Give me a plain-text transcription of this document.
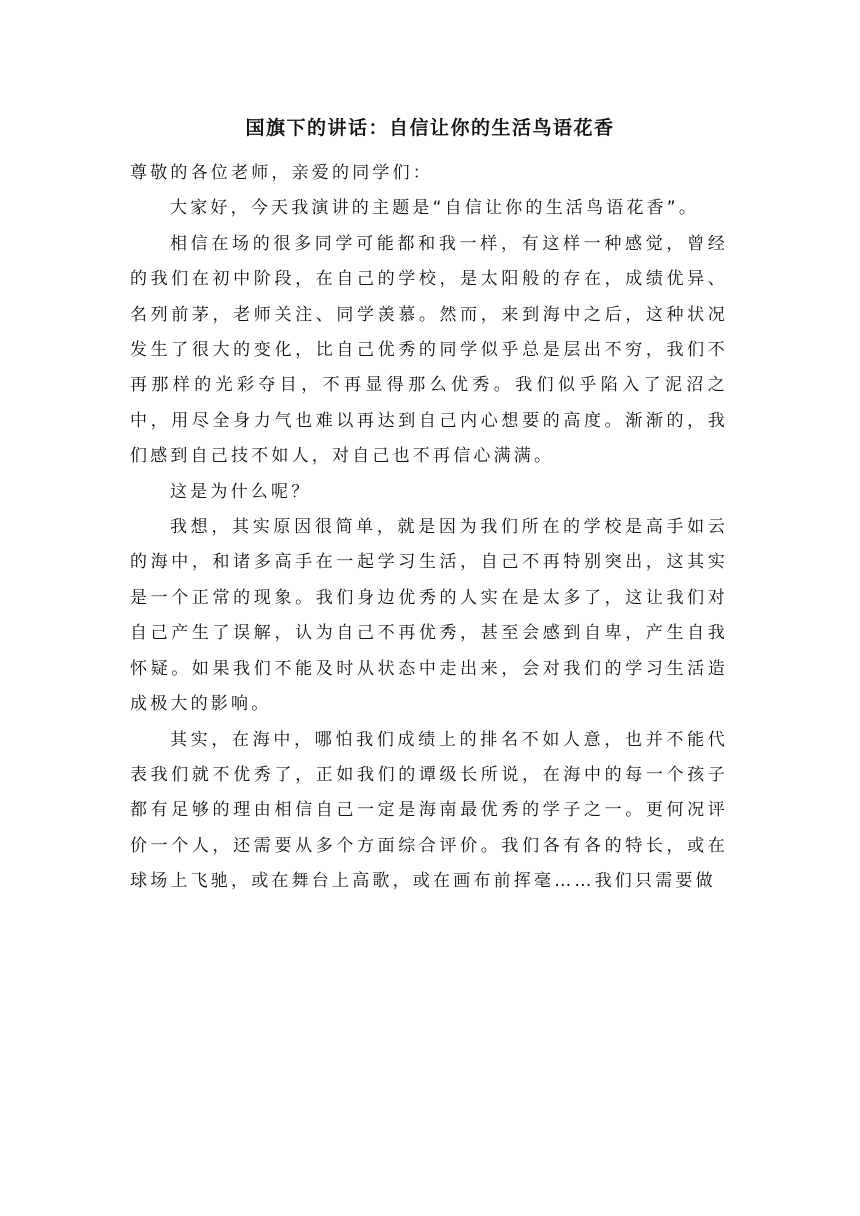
国旗下的讲话：自信让你的生活鸟语花香

尊敬的各位老师，亲爱的同学们：

大家好，今天我演讲的主题是“自信让你的生活鸟语花香”。

相信在场的很多同学可能都和我一样，有这样一种感觉，曾经的我们在初中阶段，在自己的学校，是太阳般的存在，成绩优异、名列前茅，老师关注、同学羡慕。然而，来到海中之后，这种状况发生了很大的变化，比自己优秀的同学似乎总是层出不穷，我们不再那样的光彩夺目，不再显得那么优秀。我们似乎陷入了泥沼之中，用尽全身力气也难以再达到自己内心想要的高度。渐渐的，我们感到自己技不如人，对自己也不再信心满满。

这是为什么呢？

我想，其实原因很简单，就是因为我们所在的学校是高手如云的海中，和诸多高手在一起学习生活，自己不再特别突出，这其实是一个正常的现象。我们身边优秀的人实在是太多了，这让我们对自己产生了误解，认为自己不再优秀，甚至会感到自卑，产生自我怀疑。如果我们不能及时从状态中走出来，会对我们的学习生活造成极大的影响。

其实，在海中，哪怕我们成绩上的排名不如人意，也并不能代表我们就不优秀了，正如我们的谭级长所说，在海中的每一个孩子都有足够的理由相信自己一定是海南最优秀的学子之一。更何况评价一个人，还需要从多个方面综合评价。我们各有各的特长，或在球场上飞驰，或在舞台上高歌，或在画布前挥毫……我们只需要做
